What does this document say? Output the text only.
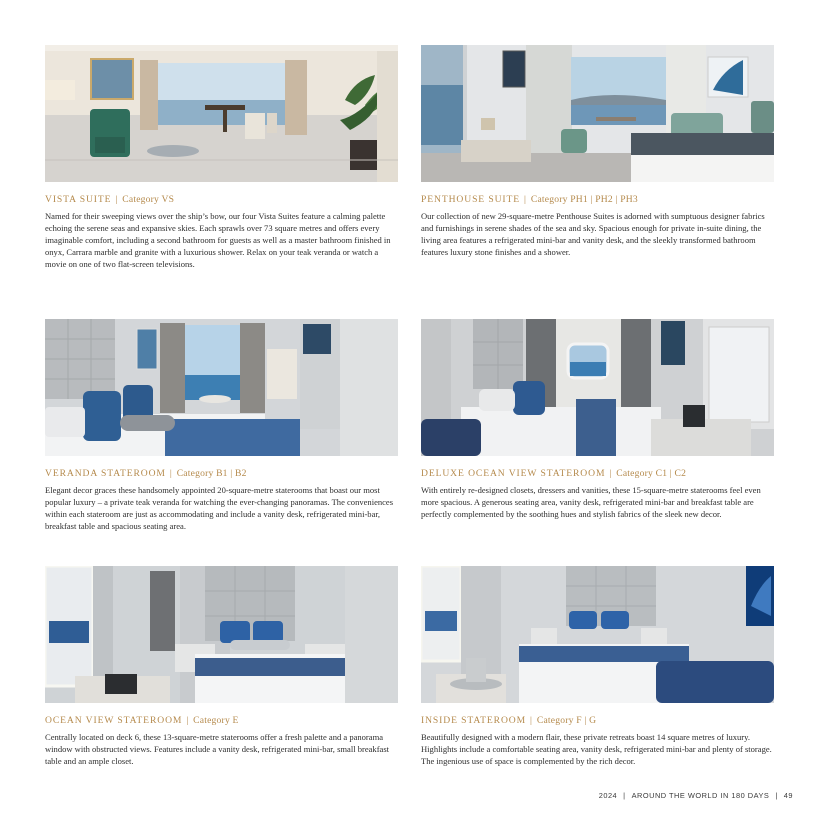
VISTA SUITE | Category VS

Named for their sweeping views over the ship’s bow, our four Vista Suites feature a calming palette echoing the serene seas and expansive skies. Each sprawls over 73 square metres and offers every imaginable comfort, including a second bathroom for guests as well as a master bathroom finished in onyx, Carrara marble and granite with a luxurious shower. Relax on your teak veranda or watch a movie on one of two flat-screen televisions.

PENTHOUSE SUITE | Category PH1 | PH2 | PH3

Our collection of new 29-square-metre Penthouse Suites is adorned with sumptuous designer fabrics and furnishings in serene shades of the sea and sky. Spacious enough for private in-suite dining, the living area features a refrigerated mini-bar and vanity desk, and the sleekly transformed bathroom features luxury stone finishes and a shower.

VERANDA STATEROOM | Category B1 | B2

Elegant decor graces these handsomely appointed 20-square-metre staterooms that boast our most popular luxury – a private teak veranda for watching the ever-changing panoramas. The conveniences within each stateroom are just as accommodating and include a vanity desk, refrigerated mini-bar, breakfast table and spacious seating area.

DELUXE OCEAN VIEW STATEROOM | Category C1 | C2

With entirely re-designed closets, dressers and vanities, these 15-square-metre staterooms feel even more spacious. A generous seating area, vanity desk, refrigerated mini-bar and breakfast table are perfectly complemented by the soothing hues and stylish fabrics of the sleek new decor.

OCEAN VIEW STATEROOM | Category E

Centrally located on deck 6, these 13-square-metre staterooms offer a fresh palette and a panorama window with obstructed views. Features include a vanity desk, refrigerated mini-bar, small breakfast table and an ample closet.

INSIDE STATEROOM | Category F | G

Beautifully designed with a modern flair, these private retreats boast 14 square metres of luxury. Highlights include a comfortable seating area, vanity desk, refrigerated mini-bar and plenty of storage. The ingenious use of space is complemented by the rich decor.

2024 | AROUND THE WORLD IN 180 DAYS | 49
